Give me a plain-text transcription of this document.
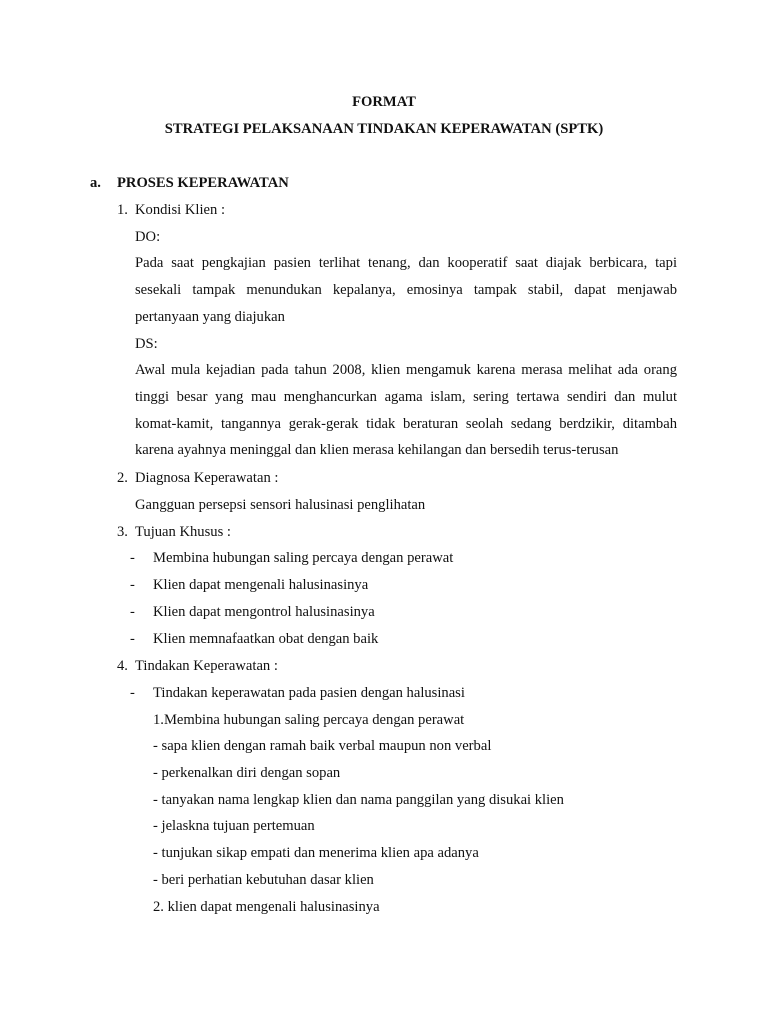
FORMAT
STRATEGI PELAKSANAAN TINDAKAN KEPERAWATAN (SPTK)
a. PROSES KEPERAWATAN
1. Kondisi Klien :
DO:
Pada saat pengkajian pasien terlihat tenang, dan kooperatif saat diajak berbicara, tapi sesekali tampak menundukan kepalanya, emosinya tampak stabil, dapat menjawab pertanyaan yang diajukan
DS:
Awal mula kejadian pada tahun 2008, klien mengamuk karena merasa melihat ada orang tinggi besar yang mau menghancurkan agama islam, sering tertawa sendiri dan mulut komat-kamit, tangannya gerak-gerak tidak beraturan seolah sedang berdzikir, ditambah karena ayahnya meninggal dan klien merasa kehilangan dan bersedih terus-terusan
2. Diagnosa Keperawatan :
Gangguan persepsi sensori halusinasi penglihatan
3. Tujuan Khusus :
- Membina hubungan saling percaya dengan perawat
- Klien dapat mengenali halusinasinya
- Klien dapat mengontrol halusinasinya
- Klien memnafaatkan obat dengan baik
4. Tindakan Keperawatan :
- Tindakan keperawatan pada pasien dengan halusinasi
1.Membina hubungan saling percaya dengan perawat
- sapa klien dengan ramah baik verbal maupun non verbal
- perkenalkan diri dengan sopan
- tanyakan nama lengkap klien dan nama panggilan yang disukai klien
- jelaskna tujuan pertemuan
- tunjukan sikap empati dan menerima klien apa adanya
- beri perhatian kebutuhan dasar klien
2. klien dapat mengenali halusinasinya
